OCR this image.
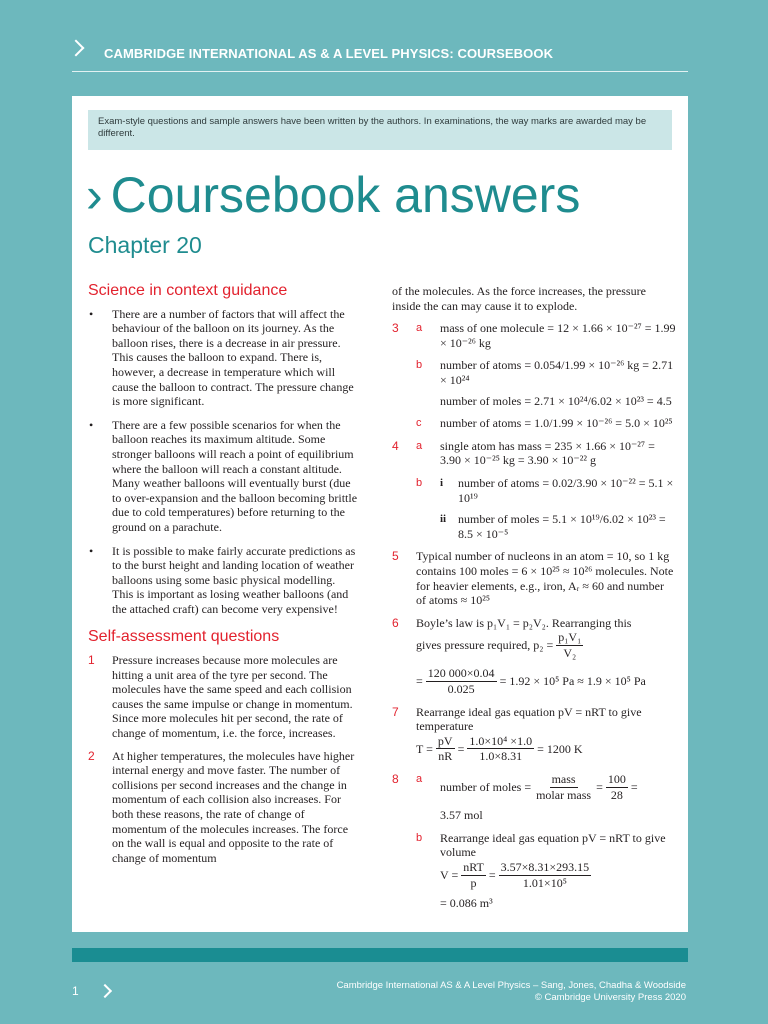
CAMBRIDGE INTERNATIONAL AS & A LEVEL PHYSICS: COURSEBOOK
Exam-style questions and sample answers have been written by the authors. In examinations, the way marks are awarded may be different.
› Coursebook answers
Chapter 20
Science in context guidance
• There are a number of factors that will affect the behaviour of the balloon on its journey. As the balloon rises, there is a decrease in air pressure. This causes the balloon to expand. There is, however, a decrease in temperature which will cause the balloon to contract. The pressure change is more significant.
• There are a few possible scenarios for when the balloon reaches its maximum altitude. Some stronger balloons will reach a point of equilibrium where the balloon will reach a constant altitude. Many weather balloons will eventually burst (due to over-expansion and the balloon becoming brittle due to cold temperatures) before returning to the ground on a parachute.
• It is possible to make fairly accurate predictions as to the burst height and landing location of weather balloons using some basic physical modelling. This is important as losing weather balloons (and the attached craft) can become very expensive!
Self-assessment questions
1 Pressure increases because more molecules are hitting a unit area of the tyre per second. The molecules have the same speed and each collision causes the same impulse or change in momentum. Since more molecules hit per second, the rate of change of momentum, i.e. the force, increases.
2 At higher temperatures, the molecules have higher internal energy and move faster. The number of collisions per second increases and the change in momentum of each collision also increases. For both these reasons, the rate of change of momentum of the molecules increases. The force on the wall is equal and opposite to the rate of change of momentum
of the molecules. As the force increases, the pressure inside the can may cause it to explode.
3 a mass of one molecule = 12 × 1.66 × 10⁻²⁷ = 1.99 × 10⁻²⁶ kg
b number of atoms = 0.054/1.99 × 10⁻²⁶ kg = 2.71 × 10²⁴
number of moles = 2.71 × 10²⁴/6.02 × 10²³ = 4.5
c number of atoms = 1.0/1.99 × 10⁻²⁶ = 5.0 × 10²⁵
4 a single atom has mass = 235 × 1.66 × 10⁻²⁷ = 3.90 × 10⁻²⁵ kg = 3.90 × 10⁻²² g
b i number of atoms = 0.02/3.90 × 10⁻²² = 5.1 × 10¹⁹
ii number of moles = 5.1 × 10¹⁹/6.02 × 10²³ = 8.5 × 10⁻⁵
5 Typical number of nucleons in an atom = 10, so 1 kg contains 100 moles = 6 × 10²⁵ ≈ 10²⁶ molecules. Note for heavier elements, e.g., iron, Aᵣ ≈ 60 and number of atoms ≈ 10²⁵
6 Boyle’s law is p₁V₁ = p₂V₂. Rearranging this
gives pressure required, $p_2 = \frac{\text{p₁V₁}}{\text{V₂}}$
= $\frac{120 000\times 0.04}{0.025} = 1.92 \times 10^5$ Pa ≈ 1.9 × 10⁵ Pa
7 Rearrange ideal gas equation pV = nRT to give temperature
$T = \frac{pV}{nR} = \frac{\text{1.0×10⁴ ×1.0}}{1.0\times 8.31} = 1200$ K
8 a
number of moles = $\frac{\text{mass}}{\text{molar mass}} = \frac{100}{28}$ =
3.57 mol
b Rearrange ideal gas equation pV = nRT to give volume
$V = \frac{\text{nRT}}{p} = \frac{3.57\times 8.31\times 293.15}{\text{1.01×10⁵}}$
= 0.086 m³
1	Cambridge International AS & A Level Physics – Sang, Jones, Chadha & Woodside
© Cambridge University Press 2020
